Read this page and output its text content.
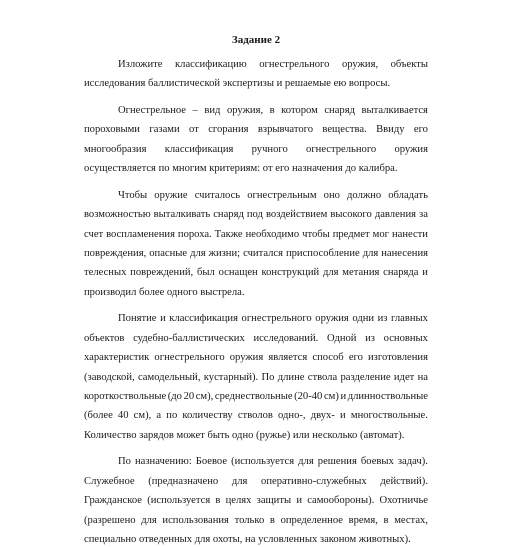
Задание 2
Изложите классификацию огнестрельного оружия, объекты
исследования баллистической экспертизы и решаемые ею вопросы.
Огнестрельное – вид оружия, в котором снаряд выталкивается
пороховыми газами от сгорания взрывчатого вещества. Ввиду его
многообразия классификация ручного огнестрельного оружия
осуществляется по многим критериям: от его назначения до калибра.
Чтобы оружие считалось огнестрельным оно должно обладать
возможностью выталкивать снаряд под воздействием высокого давления за
счет воспламенения пороха. Также необходимо чтобы предмет мог нанести
повреждения, опасные для жизни; считался приспособление для нанесения
телесных повреждений, был оснащен конструкций для метания снаряда и
производил более одного выстрела.
Понятие и классификация огнестрельного оружия одни из главных
объектов судебно-баллистических исследований. Одной из основных
характеристик огнестрельного оружия является способ его изготовления
(заводской, самодельный, кустарный). По длине ствола разделение идет на
короткоствольные (до 20 см), среднествольные (20-40 см) и длинноствольные
(более 40 см), а по количеству стволов одно-, двух- и многоствольные.
Количество зарядов может быть одно (ружье) или несколько (автомат).
По назначению: Боевое (используется для решения боевых задач).
Служебное (предназначено для оперативно-служебных действий).
Гражданское (используется в целях защиты и самообороны). Охотничье
(разрешено для использования только в определенное время, в местах,
специально отведенных для охоты, на условленных законом животных).
